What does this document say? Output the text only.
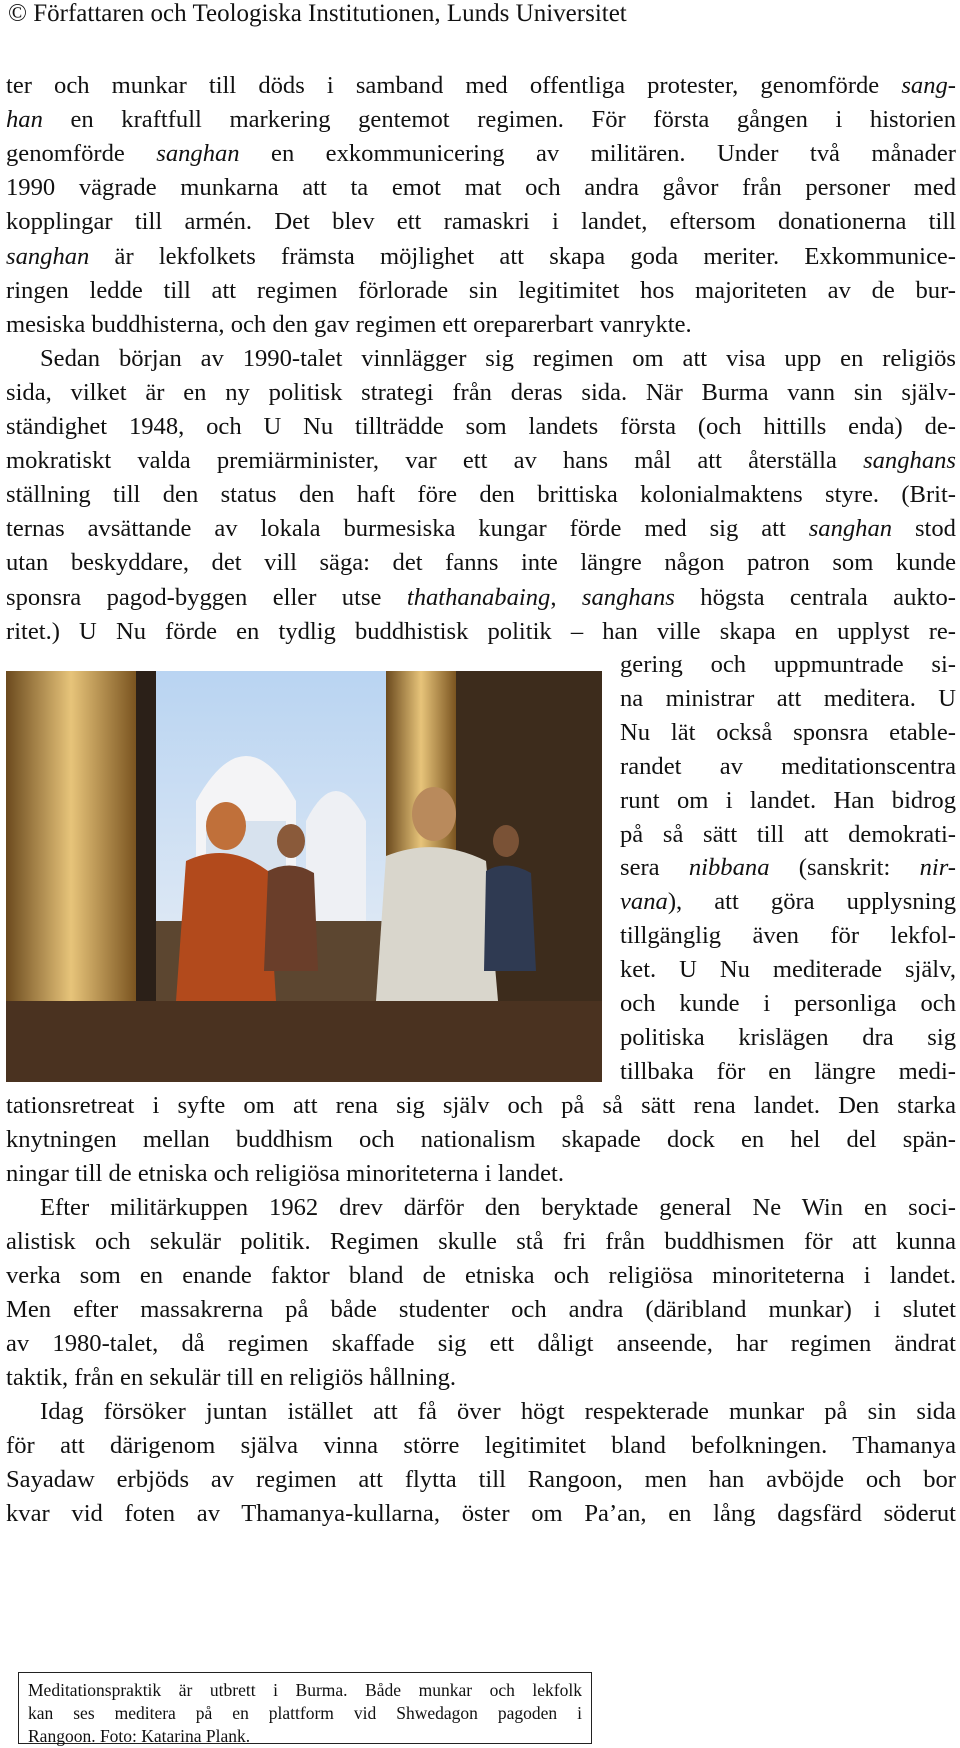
© Författaren och Teologiska Institutionen, Lunds Universitet
ter och munkar till döds i samband med offentliga protester, genomförde sang-
han en kraftfull markering gentemot regimen. För första gången i historien
genomförde sanghan en exkommunicering av militären. Under två månader
1990 vägrade munkarna att ta emot mat och andra gåvor från personer med
kopplingar till armén. Det blev ett ramaskri i landet, eftersom donationerna till
sanghan är lekfolkets främsta möjlighet att skapa goda meriter. Exkommunice-
ringen ledde till att regimen förlorade sin legitimitet hos majoriteten av de bur-
mesiska buddhisterna, och den gav regimen ett oreparerbart vanrykte.
Sedan början av 1990-talet vinnlägger sig regimen om att visa upp en religiös
sida, vilket är en ny politisk strategi från deras sida. När Burma vann sin själv-
ständighet 1948, och U Nu tillträdde som landets första (och hittills enda) de-
mokratiskt valda premiärminister, var ett av hans mål att återställa sanghans
ställning till den status den haft före den brittiska kolonialmaktens styre. (Brit-
ternas avsättande av lokala burmesiska kungar förde med sig att sanghan stod
utan beskyddare, det vill säga: det fanns inte längre någon patron som kunde
sponsra pagod-byggen eller utse thathanabaing, sanghans högsta centrala aukto-
ritet.) U Nu förde en tydlig buddhistisk politik – han ville skapa en upplyst re-
gering och uppmuntrade si-
na ministrar att meditera. U
Nu lät också sponsra etable-
randet av meditationscentra
runt om i landet. Han bidrog
på så sätt till att demokrati-
sera nibbana (sanskrit: nir-
vana), att göra upplysning
tillgänglig även för lekfol-
ket. U Nu mediterade själv,
och kunde i personliga och
politiska krislägen dra sig
tillbaka för en längre medi-
Meditationspraktik är utbrett i Burma. Både munkar och lekfolk
kan ses meditera på en plattform vid Shwedagon pagoden i
Rangoon. Foto: Katarina Plank.
tationsretreat i syfte om att rena sig själv och på så sätt rena landet. Den starka
knytningen mellan buddhism och nationalism skapade dock en hel del spän-
ningar till de etniska och religiösa minoriteterna i landet.
Efter militärkuppen 1962 drev därför den beryktade general Ne Win en soci-
alistisk och sekulär politik. Regimen skulle stå fri från buddhismen för att kunna
verka som en enande faktor bland de etniska och religiösa minoriteterna i landet.
Men efter massakrerna på både studenter och andra (däribland munkar) i slutet
av 1980-talet, då regimen skaffade sig ett dåligt anseende, har regimen ändrat
taktik, från en sekulär till en religiös hållning.
Idag försöker juntan istället att få över högt respekterade munkar på sin sida
för att därigenom själva vinna större legitimitet bland befolkningen. Thamanya
Sayadaw erbjöds av regimen att flytta till Rangoon, men han avböjde och bor
kvar vid foten av Thamanya-kullarna, öster om Pa’an, en lång dagsfärd söderut
